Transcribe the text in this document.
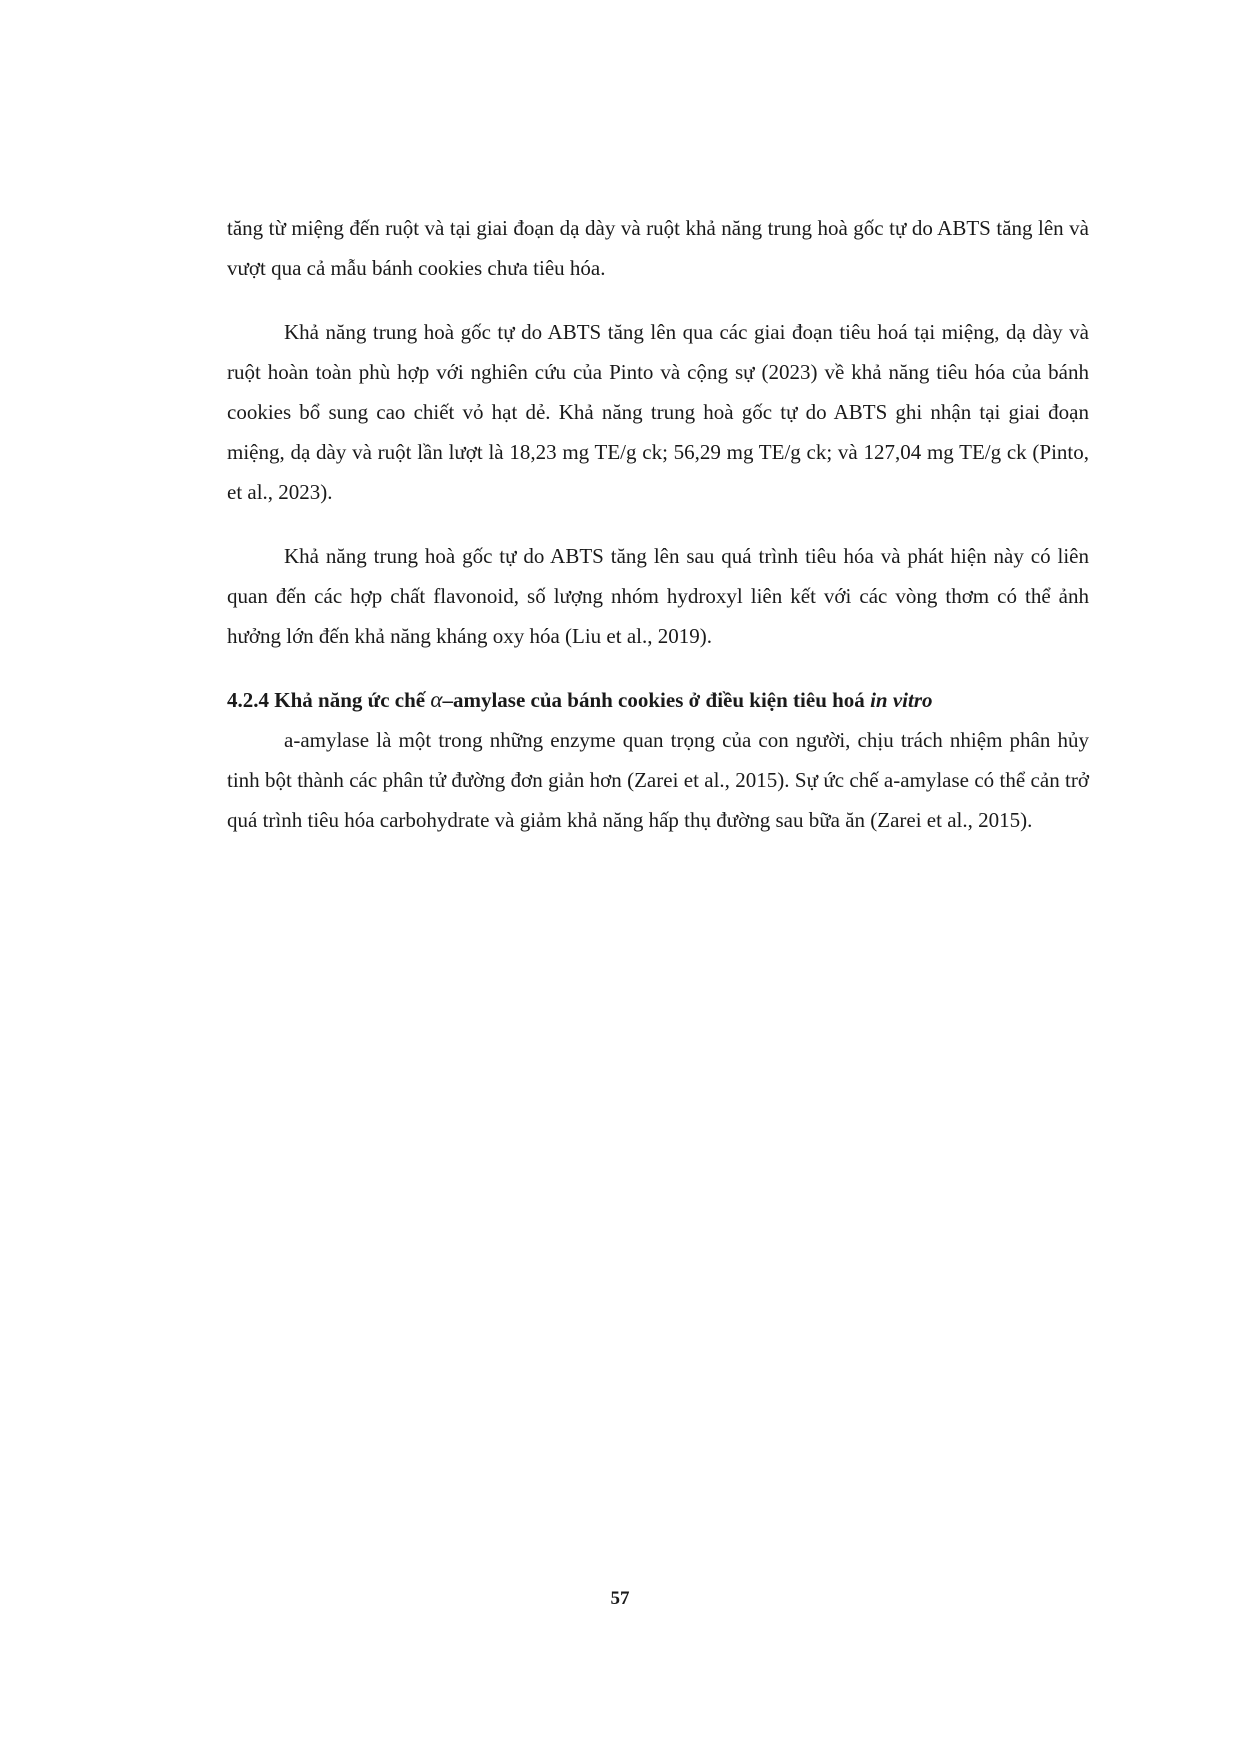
tăng từ miệng đến ruột và tại giai đoạn dạ dày và ruột khả năng trung hoà gốc tự do ABTS tăng lên và vượt qua cả mẫu bánh cookies chưa tiêu hóa.

Khả năng trung hoà gốc tự do ABTS tăng lên qua các giai đoạn tiêu hoá tại miệng, dạ dày và ruột hoàn toàn phù hợp với nghiên cứu của Pinto và cộng sự (2023) về khả năng tiêu hóa của bánh cookies bổ sung cao chiết vỏ hạt dẻ. Khả năng trung hoà gốc tự do ABTS ghi nhận tại giai đoạn miệng, dạ dày và ruột lần lượt là 18,23 mg TE/g ck; 56,29 mg TE/g ck; và 127,04 mg TE/g ck (Pinto, et al., 2023).

Khả năng trung hoà gốc tự do ABTS tăng lên sau quá trình tiêu hóa và phát hiện này có liên quan đến các hợp chất flavonoid, số lượng nhóm hydroxyl liên kết với các vòng thơm có thể ảnh hưởng lớn đến khả năng kháng oxy hóa (Liu et al., 2019).

4.2.4 Khả năng ức chế α–amylase của bánh cookies ở điều kiện tiêu hoá in vitro

a-amylase là một trong những enzyme quan trọng của con người, chịu trách nhiệm phân hủy tinh bột thành các phân tử đường đơn giản hơn (Zarei et al., 2015). Sự ức chế a-amylase có thể cản trở quá trình tiêu hóa carbohydrate và giảm khả năng hấp thụ đường sau bữa ăn (Zarei et al., 2015).

57
